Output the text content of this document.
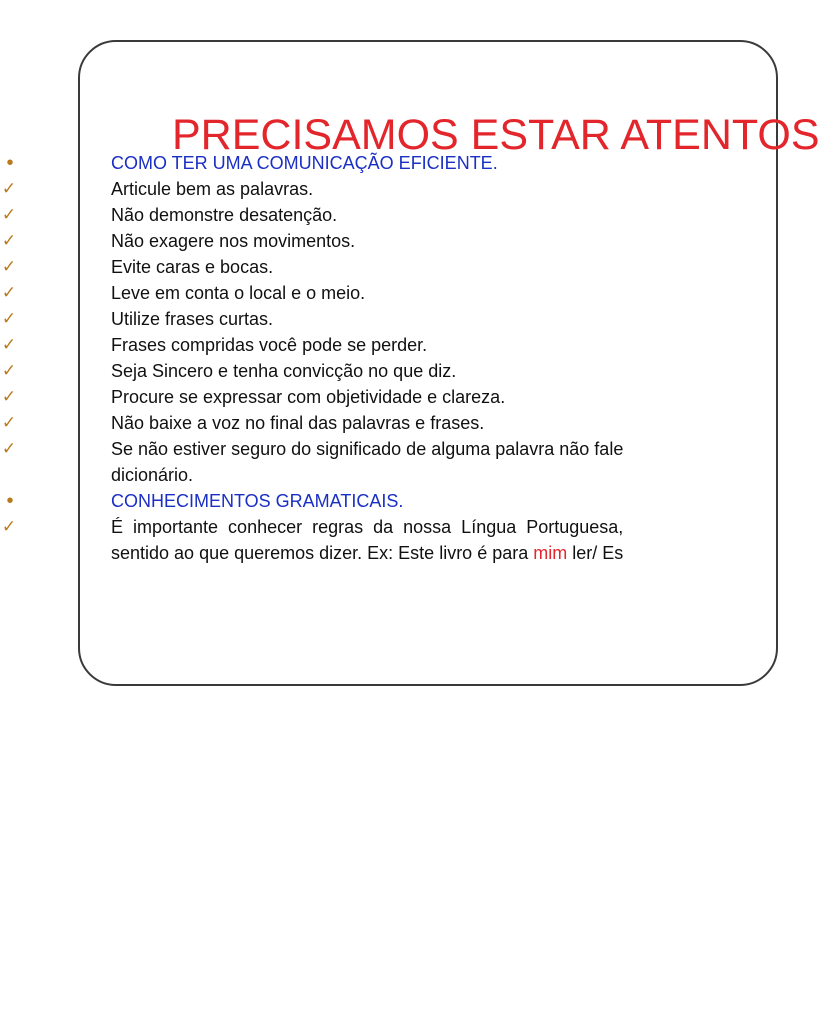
PRECISAMOS ESTAR ATENTOS
•	COMO TER UMA COMUNICAÇÃO EFICIENTE.
✓	Articule bem as palavras.
✓	Não demonstre desatenção.
✓	Não exagere nos movimentos.
✓	Evite caras e bocas.
✓	Leve em conta o local e o meio.
✓	Utilize frases curtas.
✓	Frases compridas você pode se perder.
✓	Seja Sincero e tenha convicção no que diz.
✓	Procure se expressar com objetividade e clareza.
✓	Não baixe a voz no final das palavras e frases.
✓	Se não estiver seguro do significado de alguma palavra não fale
dicionário.
•	CONHECIMENTOS GRAMATICAIS.
✓	É  importante  conhecer  regras  da  nossa  Língua  Portuguesa,
sentido ao que queremos dizer. Ex: Este livro é para mim ler/ Es
